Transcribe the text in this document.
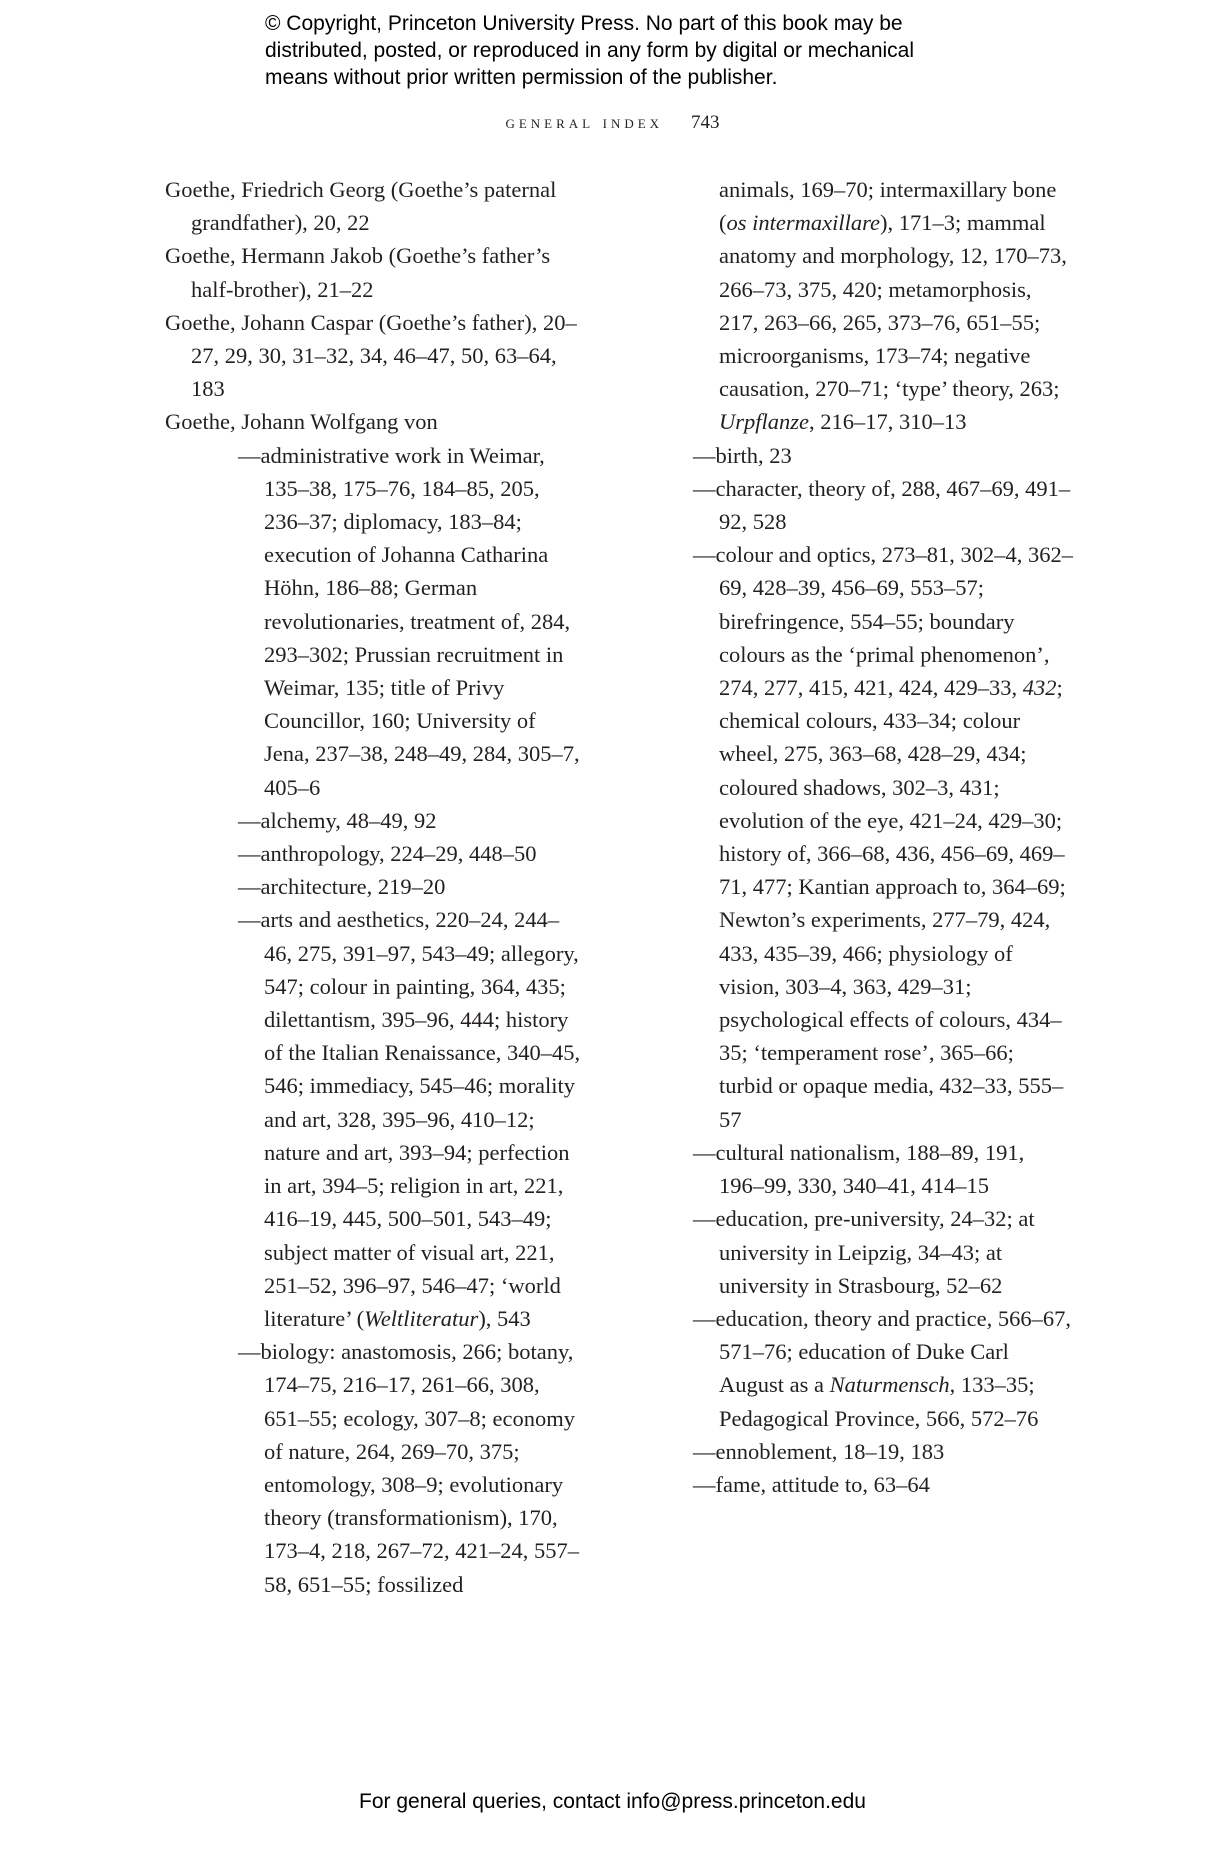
© Copyright, Princeton University Press. No part of this book may be
distributed, posted, or reproduced in any form by digital or mechanical
means without prior written permission of the publisher.
general index 743
Goethe, Friedrich Georg (Goethe’s paternal grandfather), 20, 22
Goethe, Hermann Jakob (Goethe’s father’s half-brother), 21–22
Goethe, Johann Caspar (Goethe’s father), 20–27, 29, 30, 31–32, 34, 46–47, 50, 63–64, 183
Goethe, Johann Wolfgang von
—administrative work in Weimar, 135–38, 175–76, 184–85, 205, 236–37; diplomacy, 183–84; execution of Johanna Catharina Höhn, 186–88; German revolutionaries, treatment of, 284, 293–302; Prussian recruitment in Weimar, 135; title of Privy Councillor, 160; University of Jena, 237–38, 248–49, 284, 305–7, 405–6
—alchemy, 48–49, 92
—anthropology, 224–29, 448–50
—architecture, 219–20
—arts and aesthetics, 220–24, 244–46, 275, 391–97, 543–49; allegory, 547; colour in painting, 364, 435; dilettantism, 395–96, 444; history of the Italian Renaissance, 340–45, 546; immediacy, 545–46; morality and art, 328, 395–96, 410–12; nature and art, 393–94; perfection in art, 394–5; religion in art, 221, 416–19, 445, 500–501, 543–49; subject matter of visual art, 221, 251–52, 396–97, 546–47; ‘world literature’ (Weltliteratur), 543
—biology: anastomosis, 266; botany, 174–75, 216–17, 261–66, 308, 651–55; ecology, 307–8; economy of nature, 264, 269–70, 375; entomology, 308–9; evolutionary theory (transformationism), 170, 173–4, 218, 267–72, 421–24, 557–58, 651–55; fossilized
animals, 169–70; intermaxillary bone (os intermaxillare), 171–3; mammal anatomy and morphology, 12, 170–73, 266–73, 375, 420; metamorphosis, 217, 263–66, 265, 373–76, 651–55; microorganisms, 173–74; negative causation, 270–71; ‘type’ theory, 263; Urpflanze, 216–17, 310–13
—birth, 23
—character, theory of, 288, 467–69, 491–92, 528
—colour and optics, 273–81, 302–4, 362–69, 428–39, 456–69, 553–57; birefringence, 554–55; boundary colours as the ‘primal phenomenon’, 274, 277, 415, 421, 424, 429–33, 432; chemical colours, 433–34; colour wheel, 275, 363–68, 428–29, 434; coloured shadows, 302–3, 431; evolution of the eye, 421–24, 429–30; history of, 366–68, 436, 456–69, 469–71, 477; Kantian approach to, 364–69; Newton’s experiments, 277–79, 424, 433, 435–39, 466; physiology of vision, 303–4, 363, 429–31; psychological effects of colours, 434–35; ‘temperament rose’, 365–66; turbid or opaque media, 432–33, 555–57
—cultural nationalism, 188–89, 191, 196–99, 330, 340–41, 414–15
—education, pre-university, 24–32; at university in Leipzig, 34–43; at university in Strasbourg, 52–62
—education, theory and practice, 566–67, 571–76; education of Duke Carl August as a Naturmensch, 133–35; Pedagogical Province, 566, 572–76
—ennoblement, 18–19, 183
—fame, attitude to, 63–64
For general queries, contact info@press.princeton.edu
